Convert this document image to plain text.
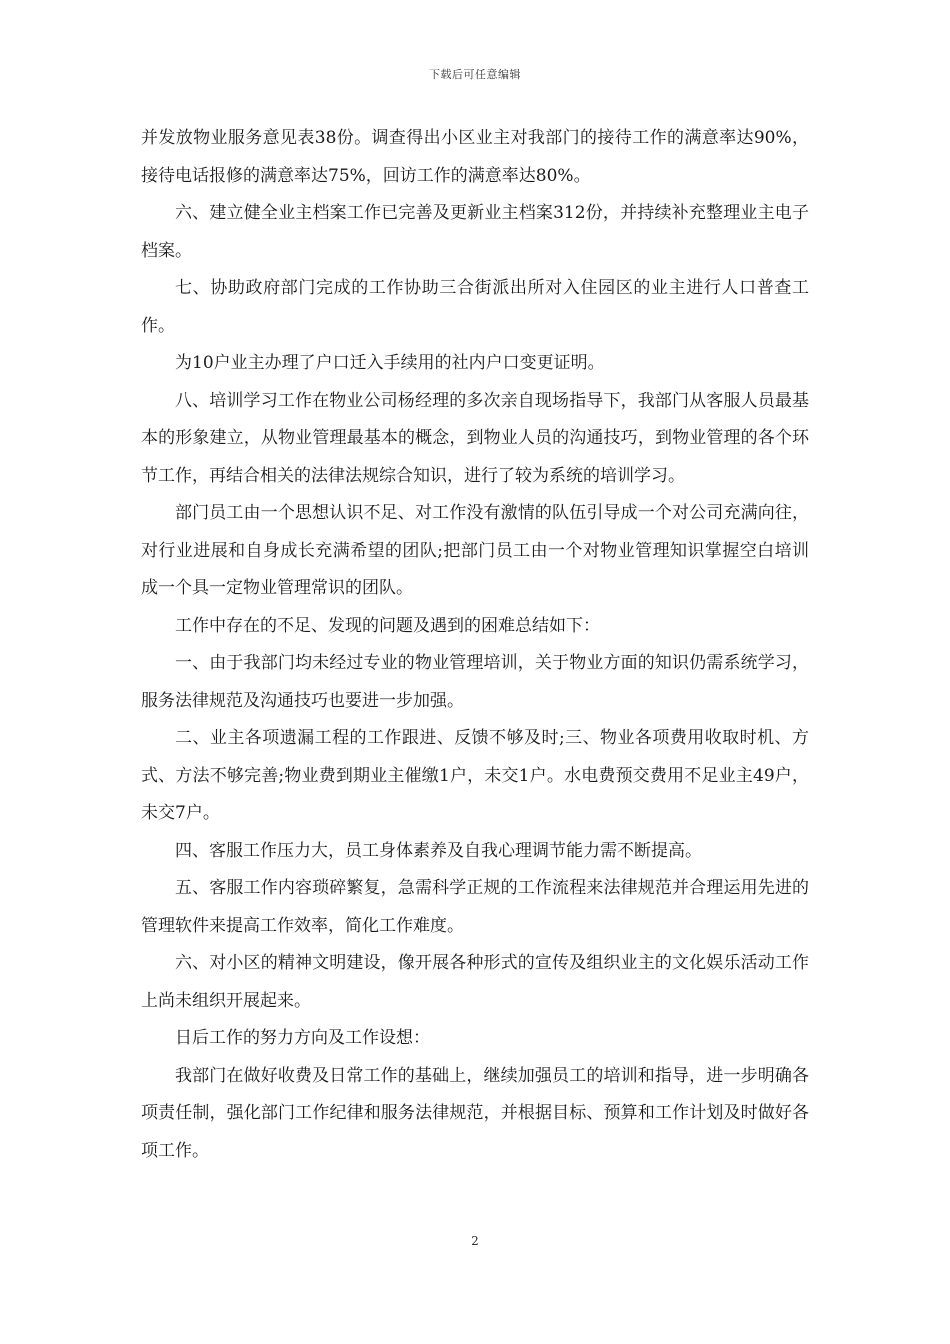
下载后可任意编辑

并发放物业服务意见表38份。调查得出小区业主对我部门的接待工作的满意率达90%，接待电话报修的满意率达75%，回访工作的满意率达80%。

六、建立健全业主档案工作已完善及更新业主档案312份，并持续补充整理业主电子档案。

七、协助政府部门完成的工作协助三合街派出所对入住园区的业主进行人口普查工作。

为10户业主办理了户口迁入手续用的社内户口变更证明。

八、培训学习工作在物业公司杨经理的多次亲自现场指导下，我部门从客服人员最基本的形象建立，从物业管理最基本的概念，到物业人员的沟通技巧，到物业管理的各个环节工作，再结合相关的法律法规综合知识，进行了较为系统的培训学习。

部门员工由一个思想认识不足、对工作没有激情的队伍引导成一个对公司充满向往，对行业进展和自身成长充满希望的团队;把部门员工由一个对物业管理知识掌握空白培训成一个具一定物业管理常识的团队。

工作中存在的不足、发现的问题及遇到的困难总结如下：

一、由于我部门均未经过专业的物业管理培训，关于物业方面的知识仍需系统学习，服务法律规范及沟通技巧也要进一步加强。

二、业主各项遗漏工程的工作跟进、反馈不够及时;三、物业各项费用收取时机、方式、方法不够完善;物业费到期业主催缴1户，未交1户。水电费预交费用不足业主49户，未交7户。

四、客服工作压力大，员工身体素养及自我心理调节能力需不断提高。

五、客服工作内容琐碎繁复，急需科学正规的工作流程来法律规范并合理运用先进的管理软件来提高工作效率，简化工作难度。

六、对小区的精神文明建设，像开展各种形式的宣传及组织业主的文化娱乐活动工作上尚未组织开展起来。

日后工作的努力方向及工作设想：

我部门在做好收费及日常工作的基础上，继续加强员工的培训和指导，进一步明确各项责任制，强化部门工作纪律和服务法律规范，并根据目标、预算和工作计划及时做好各项工作。

2
